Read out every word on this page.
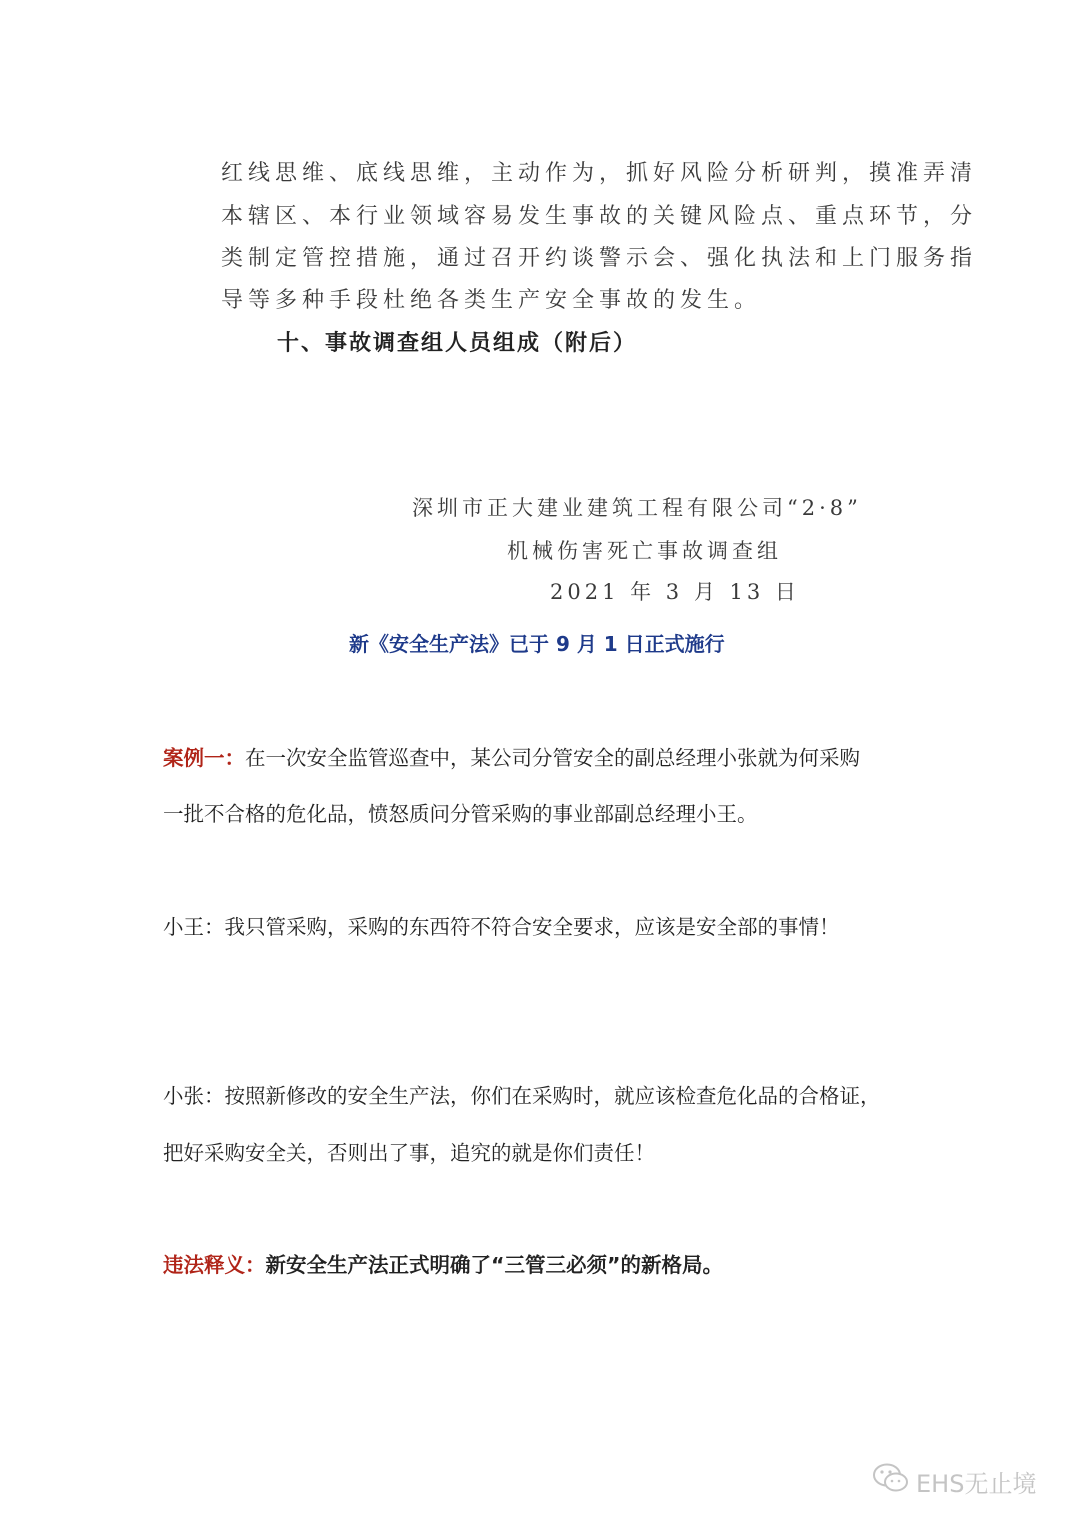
红线思维、底线思维，主动作为，抓好风险分析研判，摸准弄清
本辖区、本行业领域容易发生事故的关键风险点、重点环节，分
类制定管控措施，通过召开约谈警示会、强化执法和上门服务指
导等多种手段杜绝各类生产安全事故的发生。
十、事故调查组人员组成（附后）
深圳市正大建业建筑工程有限公司“2·8”
机械伤害死亡事故调查组
2021 年 3 月 13 日
新《安全生产法》已于 9 月 1 日正式施行
案例一：在一次安全监管巡查中，某公司分管安全的副总经理小张就为何采购
一批不合格的危化品，愤怒质问分管采购的事业部副总经理小王。
小王：我只管采购，采购的东西符不符合安全要求，应该是安全部的事情！
小张：按照新修改的安全生产法，你们在采购时，就应该检查危化品的合格证，
把好采购安全关，否则出了事，追究的就是你们责任！
违法释义：新安全生产法正式明确了“三管三必须”的新格局。
EHS无止境
